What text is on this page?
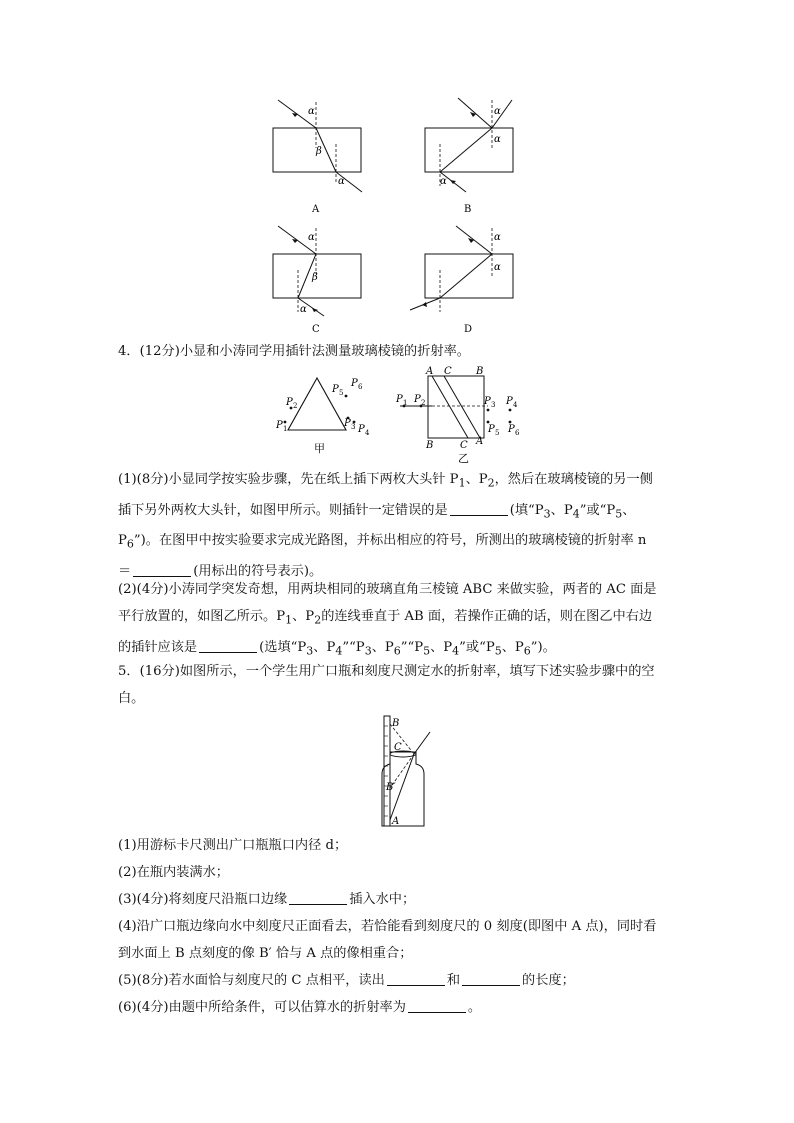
α
β
α
A
α
α
α
B
α
β
α
C
α
α
D
4．(12分)小显和小涛同学用插针法测量玻璃棱镜的折射率。
P 2
P 1
P 5
P 6
P 3 P 4
甲
A C B
B	C A
P 1 P 2	P 3 P 4
P 5 P 6
乙
(1)(8分)小显同学按实验步骤，先在纸上插下两枚大头针 $P_1$、$P_2$，然后在玻璃棱镜的另一侧
插下另外两枚大头针，如图甲所示。则插针一定错误的是	(填“$P_3$、$P_4$”或“$P_5$、
$P_6$”)。在图甲中按实验要求完成光路图，并标出相应的符号，所测出的玻璃棱镜的折射率 n
＝	(用标出的符号表示)。
(2)(4分)小涛同学突发奇想，用两块相同的玻璃直角三棱镜 ABC 来做实验，两者的 AC 面是
平行放置的，如图乙所示。$P_1$、$P_2$的连线垂直于 AB 面，若操作正确的话，则在图乙中右边
的插针应该是	(选填“$P_3$、$P_4”“P_3$、$P_6”“P_5$、$P_4$”或“$P_5$、$P_6$”)。
5．(16分)如图所示，一个学生用广口瓶和刻度尺测定水的折射率，填写下述实验步骤中的空
白。
B
C
B′
A
(1)用游标卡尺测出广口瓶瓶口内径 d；
(2)在瓶内装满水；
(3)(4分)将刻度尺沿瓶口边缘	插入水中；
(4)沿广口瓶边缘向水中刻度尺正面看去，若恰能看到刻度尺的 0 刻度(即图中 A 点)，同时看
到水面上 B 点刻度的像 B′ 恰与 A 点的像相重合；
(5)(8分)若水面恰与刻度尺的 C 点相平，读出	和	的长度；
(6)(4分)由题中所给条件，可以估算水的折射率为	。
